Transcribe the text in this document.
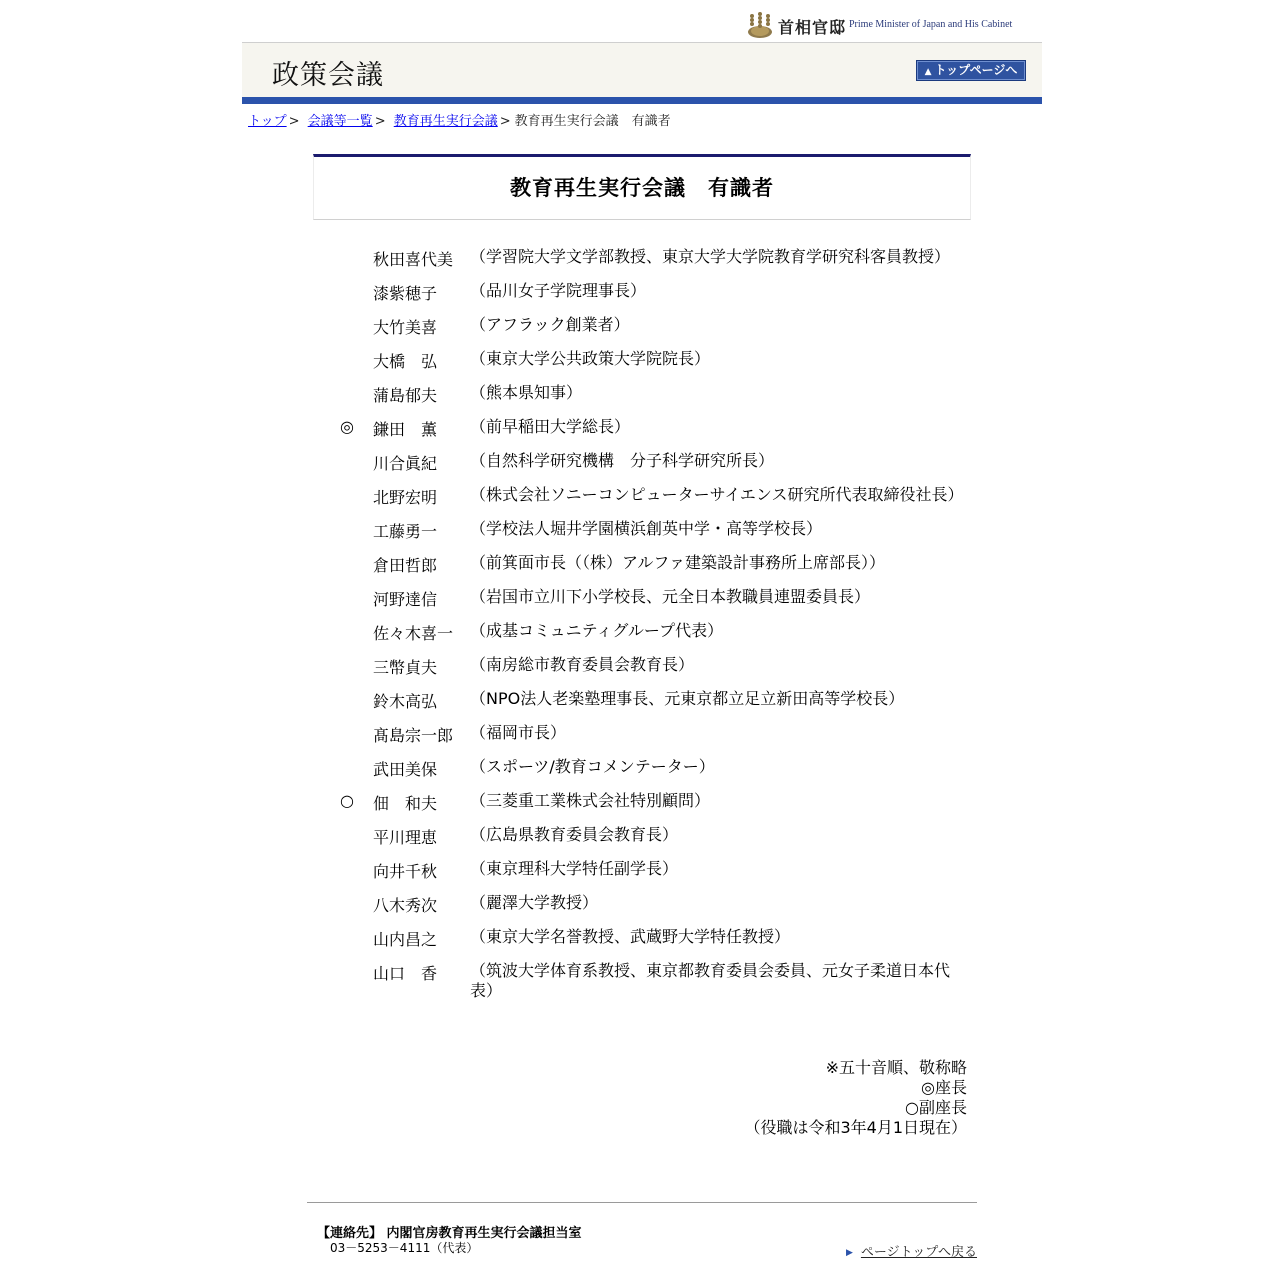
首相官邸 Prime Minister of Japan and His Cabinet
政策会議	▲ トップページへ
トップ > 会議等一覧 > 教育再生実行会議 > 教育再生実行会議　有識者
教育再生実行会議　有識者
秋田喜代美	（学習院大学文学部教授、東京大学大学院教育学研究科客員教授）
漆紫穂子	（品川女子学院理事長）
大竹美喜	（アフラック創業者）
大橋　弘	（東京大学公共政策大学院院長）
蒲島郁夫	（熊本県知事）
◎	鎌田　薫	（前早稲田大学総長）
川合眞紀	（自然科学研究機構　分子科学研究所長）
北野宏明	（株式会社ソニーコンピューターサイエンス研究所代表取締役社長）
工藤勇一	（学校法人堀井学園横浜創英中学・高等学校長）
倉田哲郎	（前箕面市長（（株）アルファ建築設計事務所上席部長））
河野達信	（岩国市立川下小学校長、元全日本教職員連盟委員長）
佐々木喜一	（成基コミュニティグループ代表）
三幣貞夫	（南房総市教育委員会教育長）
鈴木高弘	（NPO法人老楽塾理事長、元東京都立足立新田高等学校長）
髙島宗一郎	（福岡市長）
武田美保	（スポーツ/教育コメンテーター）
○	佃　和夫	（三菱重工業株式会社特別顧問）
平川理恵	（広島県教育委員会教育長）
向井千秋	（東京理科大学特任副学長）
八木秀次	（麗澤大学教授）
山内昌之	（東京大学名誉教授、武蔵野大学特任教授）
山口　香	（筑波大学体育系教授、東京都教育委員会委員、元女子柔道日本代表）
※五十音順、敬称略
◎座長
○副座長
（役職は令和3年4月1日現在）
【連絡先】 内閣官房教育再生実行会議担当室
03－5253－4111（代表）	▶ ページトップへ戻る
